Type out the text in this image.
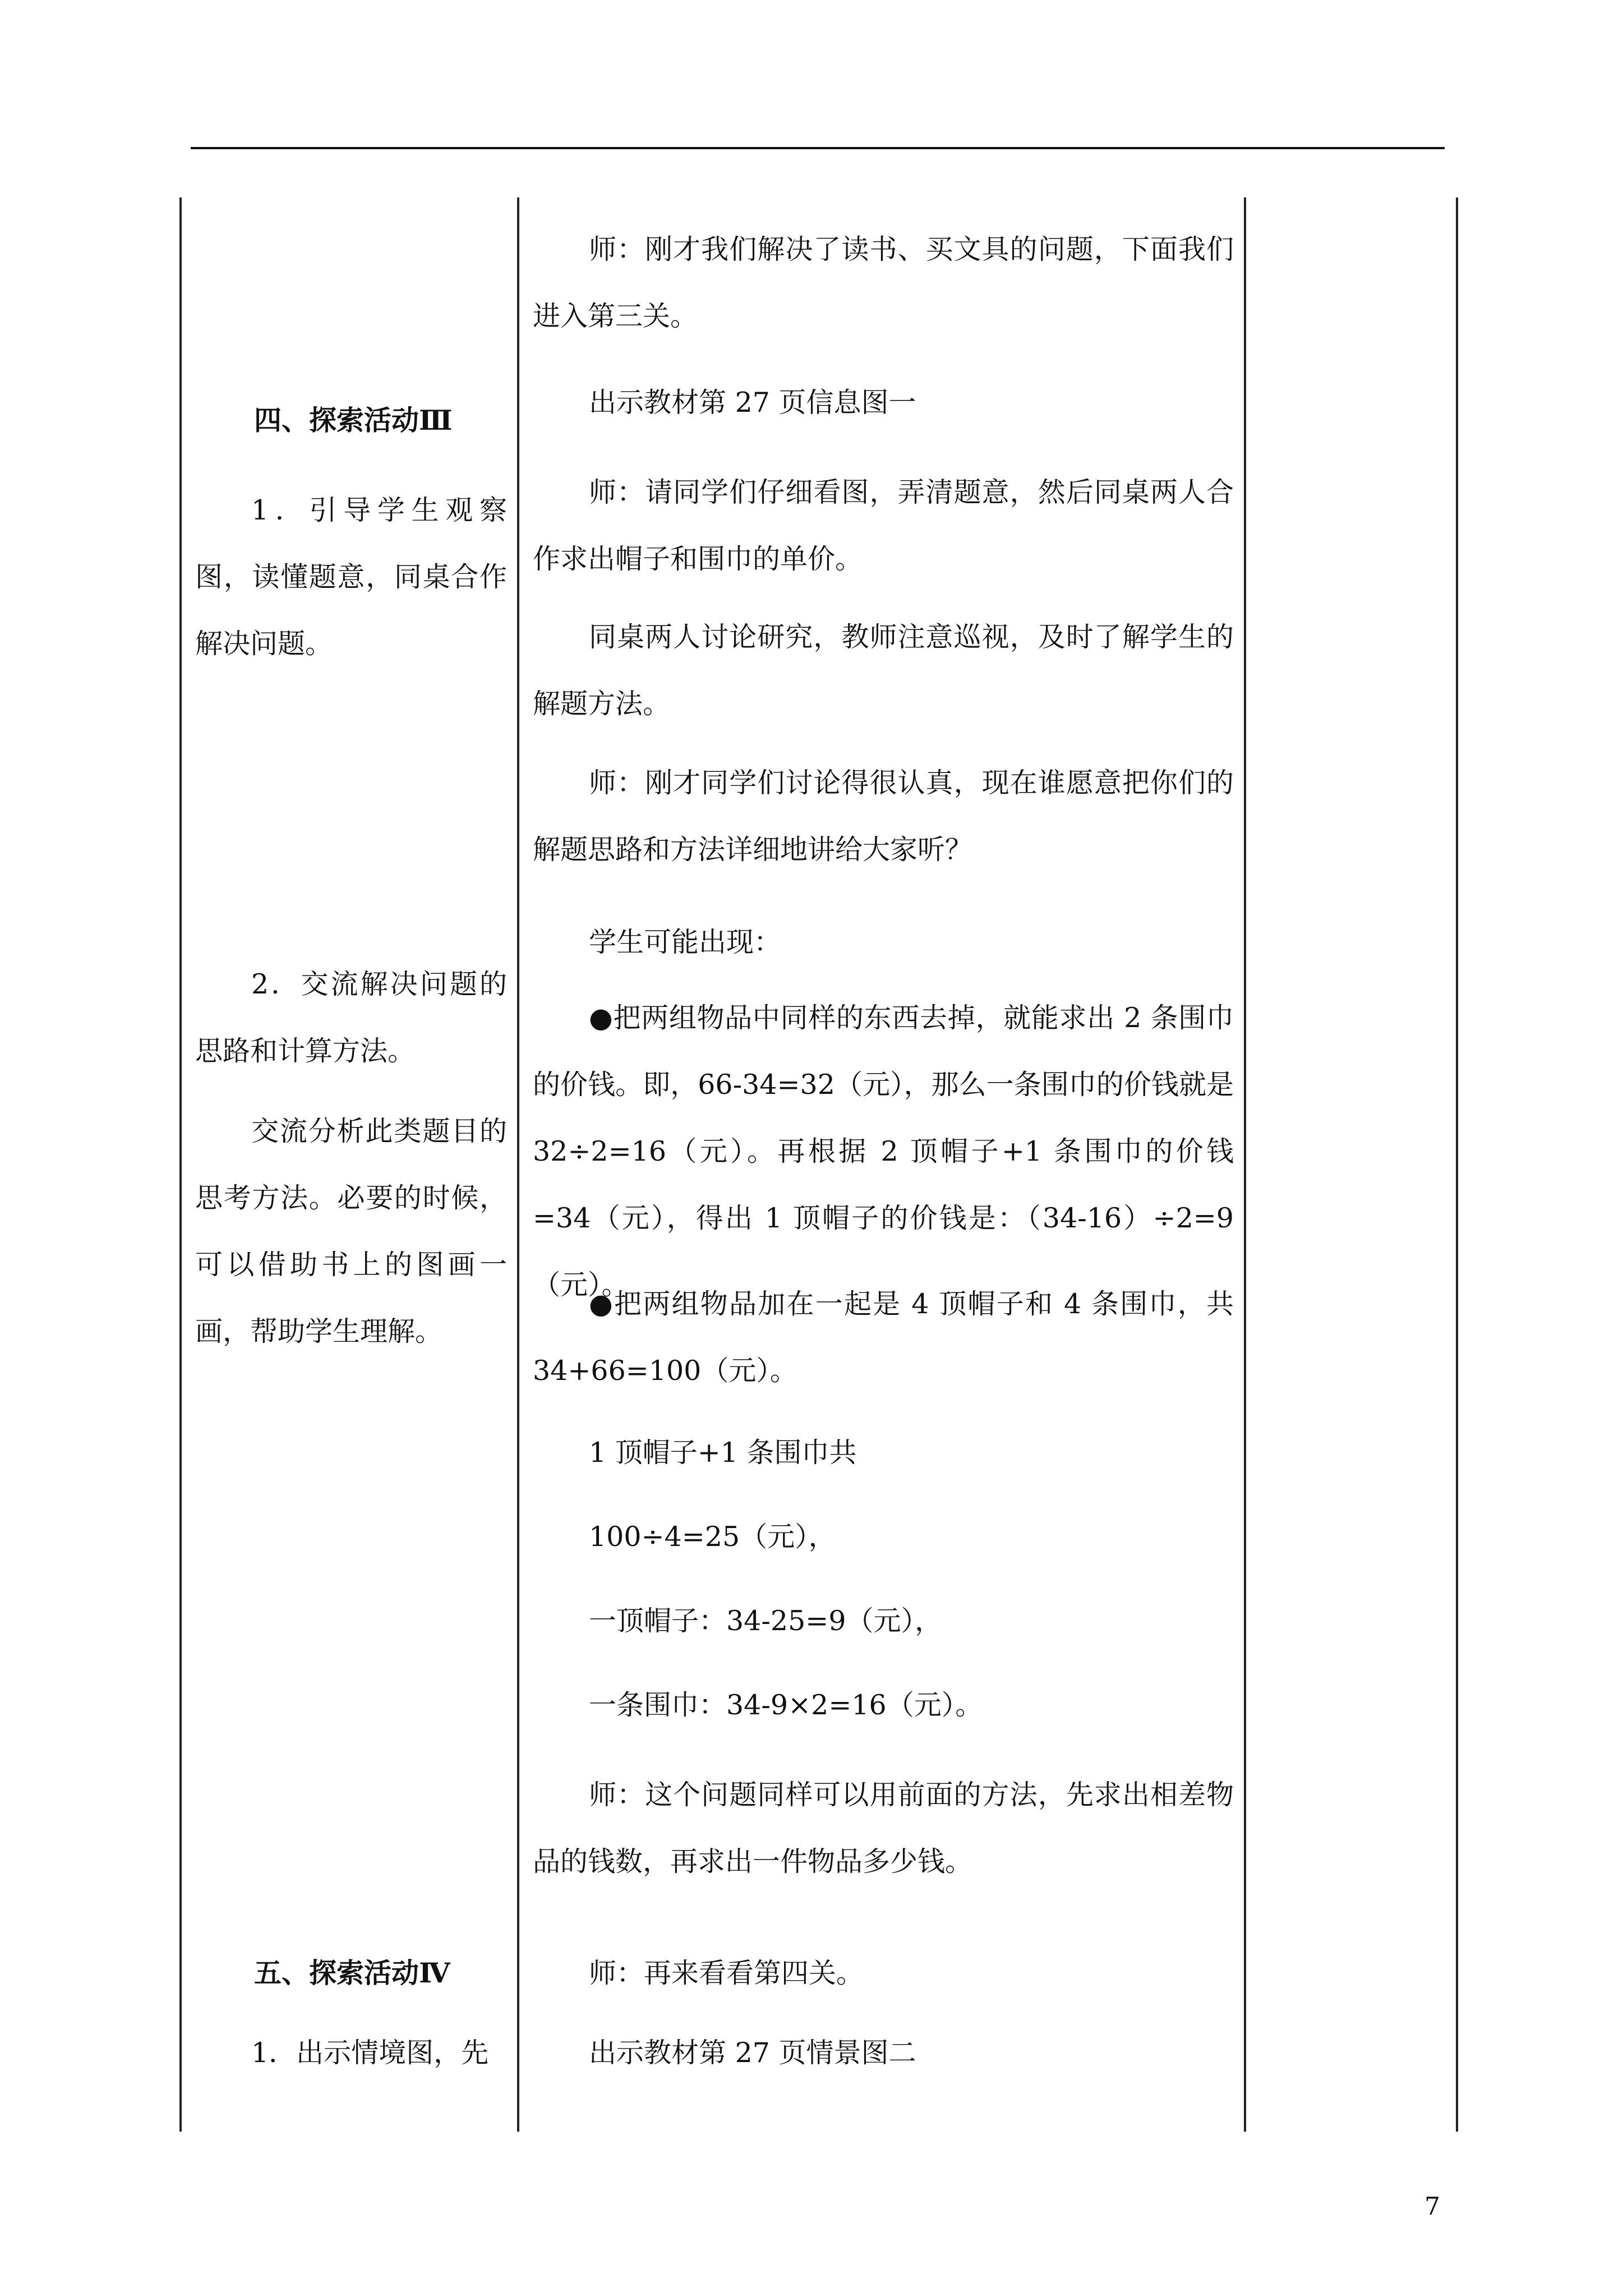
四、探索活动Ⅲ

1．引导学生观察图，读懂题意，同桌合作解决问题。

2．交流解决问题的思路和计算方法。

交流分析此类题目的思考方法。必要的时候，可以借助书上的图画一画，帮助学生理解。

五、探索活动Ⅳ

1．出示情境图，先

师：刚才我们解决了读书、买文具的问题，下面我们进入第三关。

出示教材第 27 页信息图一

师：请同学们仔细看图，弄清题意，然后同桌两人合作求出帽子和围巾的单价。

同桌两人讨论研究，教师注意巡视，及时了解学生的解题方法。

师：刚才同学们讨论得很认真，现在谁愿意把你们的解题思路和方法详细地讲给大家听？

学生可能出现：

●把两组物品中同样的东西去掉，就能求出 2 条围巾的价钱。即，66-34=32（元），那么一条围巾的价钱就是 32÷2=16（元）。再根据 2 顶帽子+1 条围巾的价钱=34（元），得出 1 顶帽子的价钱是：（34-16）÷2=9（元）。

●把两组物品加在一起是 4 顶帽子和 4 条围巾，共 34+66=100（元）。

1 顶帽子+1 条围巾共

100÷4=25（元），

一顶帽子：34-25=9（元），

一条围巾：34-9×2=16（元）。

师：这个问题同样可以用前面的方法，先求出相差物品的钱数，再求出一件物品多少钱。

师：再来看看第四关。

出示教材第 27 页情景图二

7
